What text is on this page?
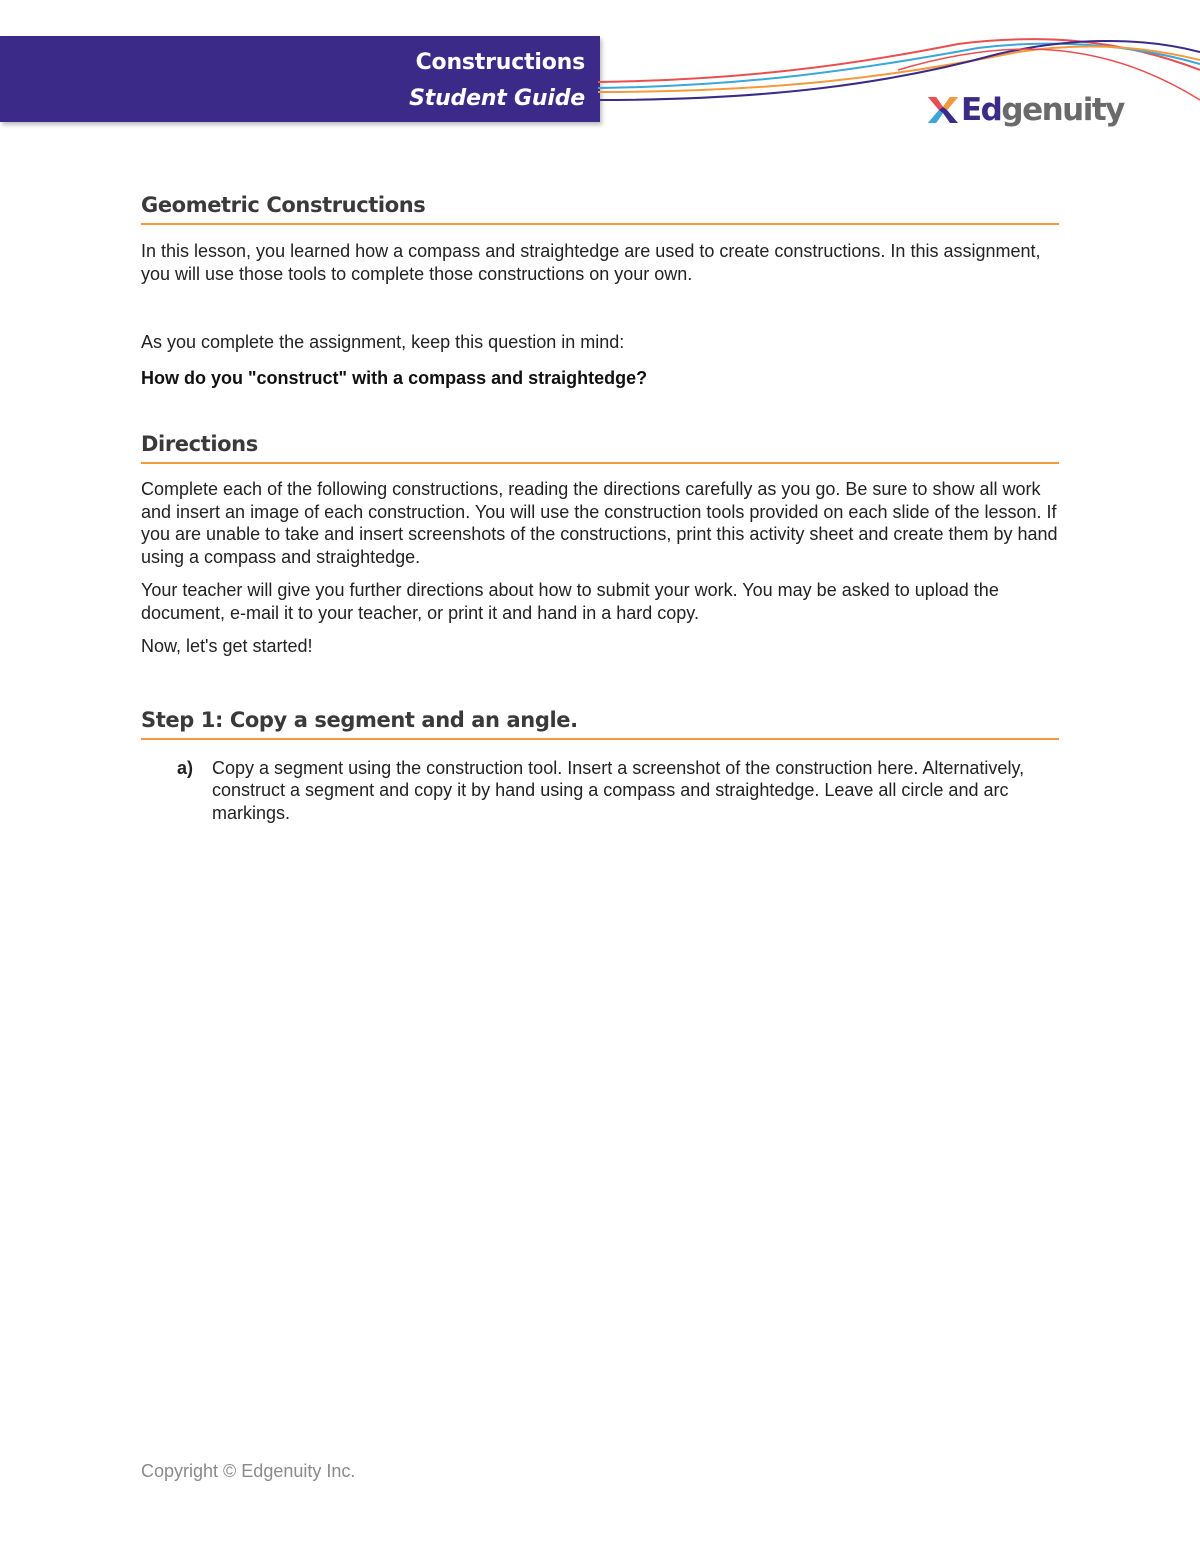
Constructions
Student Guide	Edgenuity
Geometric Constructions

In this lesson, you learned how a compass and straightedge are used to create constructions. In this assignment, you will use those tools to complete those constructions on your own.

As you complete the assignment, keep this question in mind:

How do you "construct" with a compass and straightedge?

Directions

Complete each of the following constructions, reading the directions carefully as you go. Be sure to show all work and insert an image of each construction. You will use the construction tools provided on each slide of the lesson. If you are unable to take and insert screenshots of the constructions, print this activity sheet and create them by hand using a compass and straightedge.

Your teacher will give you further directions about how to submit your work. You may be asked to upload the document, e-mail it to your teacher, or print it and hand in a hard copy.

Now, let's get started!

Step 1: Copy a segment and an angle.
a)	Copy a segment using the construction tool. Insert a screenshot of the construction here. Alternatively, construct a segment and copy it by hand using a compass and straightedge. Leave all circle and arc markings.

Copyright © Edgenuity Inc.
